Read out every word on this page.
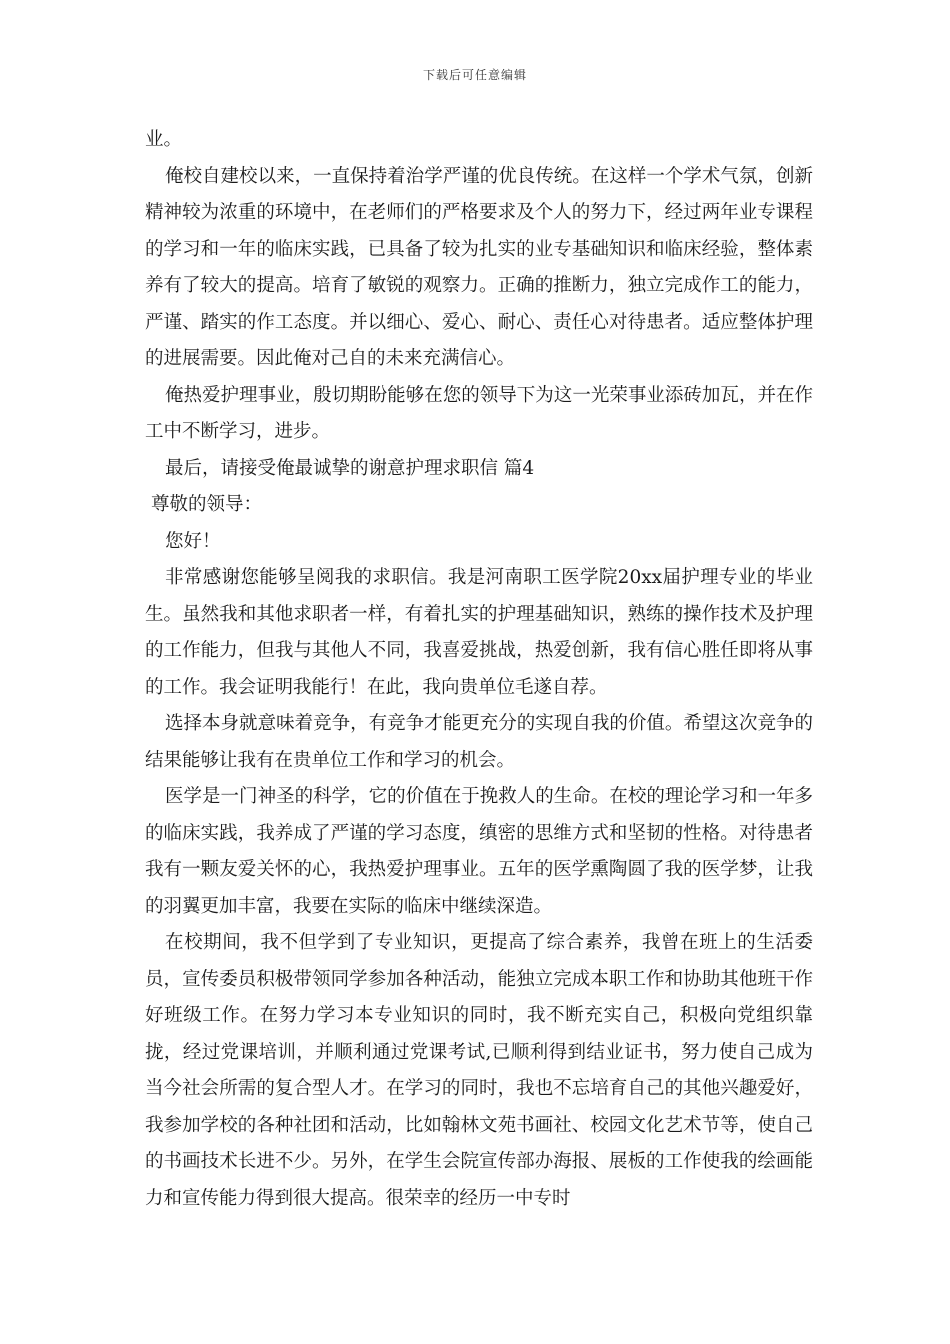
下载后可任意编辑

业。

俺校自建校以来，一直保持着治学严谨的优良传统。在这样一个学术气氛，创新精神较为浓重的环境中，在老师们的严格要求及个人的努力下，经过两年业专课程的学习和一年的临床实践，已具备了较为扎实的业专基础知识和临床经验，整体素养有了较大的提高。培育了敏锐的观察力。正确的推断力，独立完成作工的能力，严谨、踏实的作工态度。并以细心、爱心、耐心、责任心对待患者。适应整体护理的进展需要。因此俺对己自的未来充满信心。

俺热爱护理事业，殷切期盼能够在您的领导下为这一光荣事业添砖加瓦，并在作工中不断学习，进步。

最后，请接受俺最诚挚的谢意护理求职信 篇4

尊敬的领导：

您好！

非常感谢您能够呈阅我的求职信。我是河南职工医学院20xx届护理专业的毕业生。虽然我和其他求职者一样，有着扎实的护理基础知识，熟练的操作技术及护理的工作能力，但我与其他人不同，我喜爱挑战，热爱创新，我有信心胜任即将从事的工作。我会证明我能行！在此，我向贵单位毛遂自荐。

选择本身就意味着竞争，有竞争才能更充分的实现自我的价值。希望这次竞争的结果能够让我有在贵单位工作和学习的机会。

医学是一门神圣的科学，它的价值在于挽救人的生命。在校的理论学习和一年多的临床实践，我养成了严谨的学习态度，缜密的思维方式和坚韧的性格。对待患者我有一颗友爱关怀的心，我热爱护理事业。五年的医学熏陶圆了我的医学梦，让我的羽翼更加丰富，我要在实际的临床中继续深造。

在校期间，我不但学到了专业知识，更提高了综合素养，我曾在班上的生活委员，宣传委员积极带领同学参加各种活动，能独立完成本职工作和协助其他班干作好班级工作。在努力学习本专业知识的同时，我不断充实自己，积极向党组织靠拢，经过党课培训，并顺利通过党课考试,已顺利得到结业证书，努力使自己成为当今社会所需的复合型人才。在学习的同时，我也不忘培育自己的其他兴趣爱好，我参加学校的各种社团和活动，比如翰林文苑书画社、校园文化艺术节等，使自己的书画技术长进不少。另外，在学生会院宣传部办海报、展板的工作使我的绘画能力和宣传能力得到很大提高。很荣幸的经历一中专时
